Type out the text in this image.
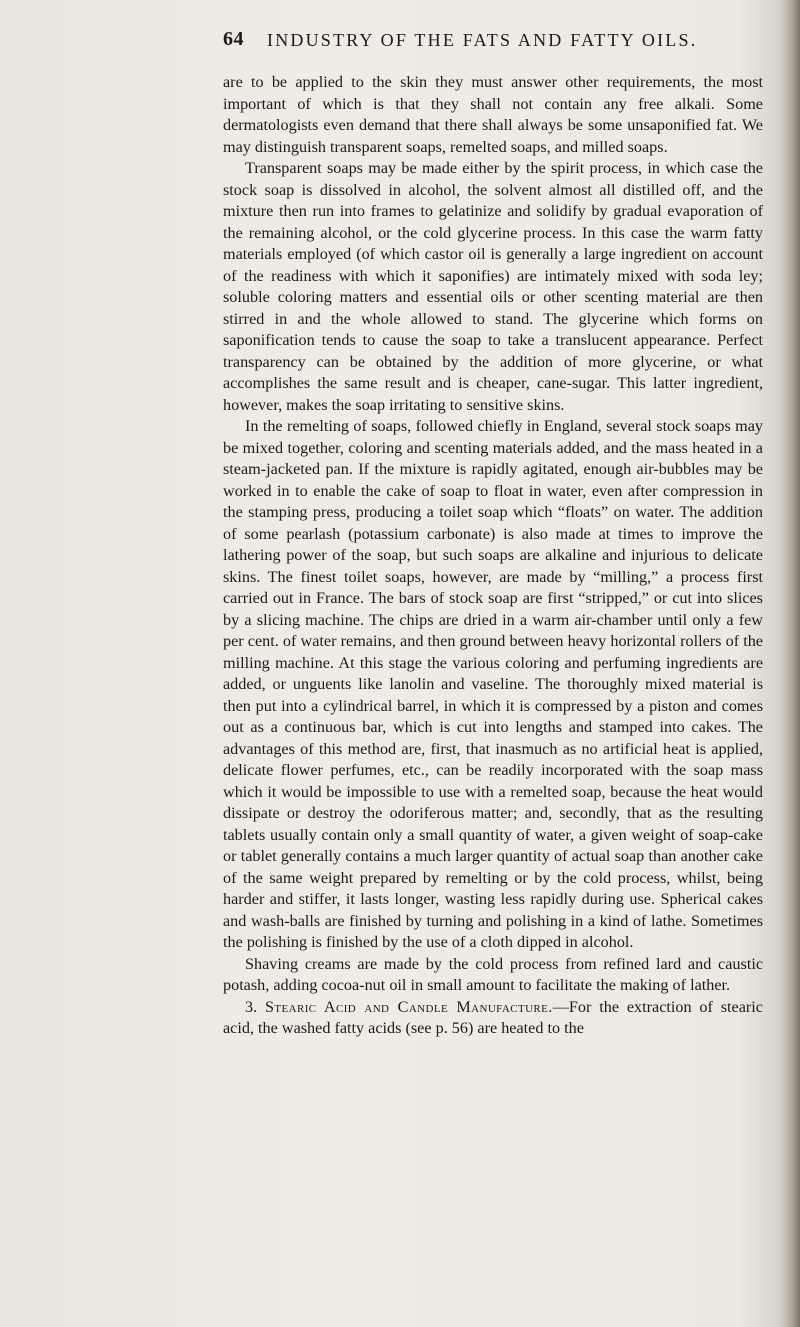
64 INDUSTRY OF THE FATS AND FATTY OILS.

are to be applied to the skin they must answer other requirements, the most important of which is that they shall not contain any free alkali. Some dermatologists even demand that there shall always be some unsaponified fat. We may distinguish transparent soaps, remelted soaps, and milled soaps.

Transparent soaps may be made either by the spirit process, in which case the stock soap is dissolved in alcohol, the solvent almost all distilled off, and the mixture then run into frames to gelatinize and solidify by gradual evaporation of the remaining alcohol, or the cold glycerine process. In this case the warm fatty materials employed (of which castor oil is generally a large ingredient on account of the readiness with which it saponifies) are intimately mixed with soda ley; soluble coloring matters and essential oils or other scenting material are then stirred in and the whole allowed to stand. The glycerine which forms on saponification tends to cause the soap to take a translucent appearance. Perfect transparency can be obtained by the addition of more glycerine, or what accomplishes the same result and is cheaper, cane-sugar. This latter ingredient, however, makes the soap irritating to sensitive skins.

In the remelting of soaps, followed chiefly in England, several stock soaps may be mixed together, coloring and scenting materials added, and the mass heated in a steam-jacketed pan. If the mixture is rapidly agitated, enough air-bubbles may be worked in to enable the cake of soap to float in water, even after compression in the stamping press, producing a toilet soap which “floats” on water. The addition of some pearlash (potassium carbonate) is also made at times to improve the lathering power of the soap, but such soaps are alkaline and injurious to delicate skins. The finest toilet soaps, however, are made by “milling,” a process first carried out in France. The bars of stock soap are first “stripped,” or cut into slices by a slicing machine. The chips are dried in a warm air-chamber until only a few per cent. of water remains, and then ground between heavy horizontal rollers of the milling machine. At this stage the various coloring and perfuming ingredients are added, or unguents like lanolin and vaseline. The thoroughly mixed material is then put into a cylindrical barrel, in which it is compressed by a piston and comes out as a continuous bar, which is cut into lengths and stamped into cakes. The advantages of this method are, first, that inasmuch as no artificial heat is applied, delicate flower perfumes, etc., can be readily incorporated with the soap mass which it would be impossible to use with a remelted soap, because the heat would dissipate or destroy the odoriferous matter; and, secondly, that as the resulting tablets usually contain only a small quantity of water, a given weight of soap-cake or tablet generally contains a much larger quantity of actual soap than another cake of the same weight prepared by remelting or by the cold process, whilst, being harder and stiffer, it lasts longer, wasting less rapidly during use. Spherical cakes and wash-balls are finished by turning and polishing in a kind of lathe. Sometimes the polishing is finished by the use of a cloth dipped in alcohol.

Shaving creams are made by the cold process from refined lard and caustic potash, adding cocoa-nut oil in small amount to facilitate the making of lather.

3. Stearic Acid and Candle Manufacture.—For the extraction of stearic acid, the washed fatty acids (see p. 56) are heated to the
